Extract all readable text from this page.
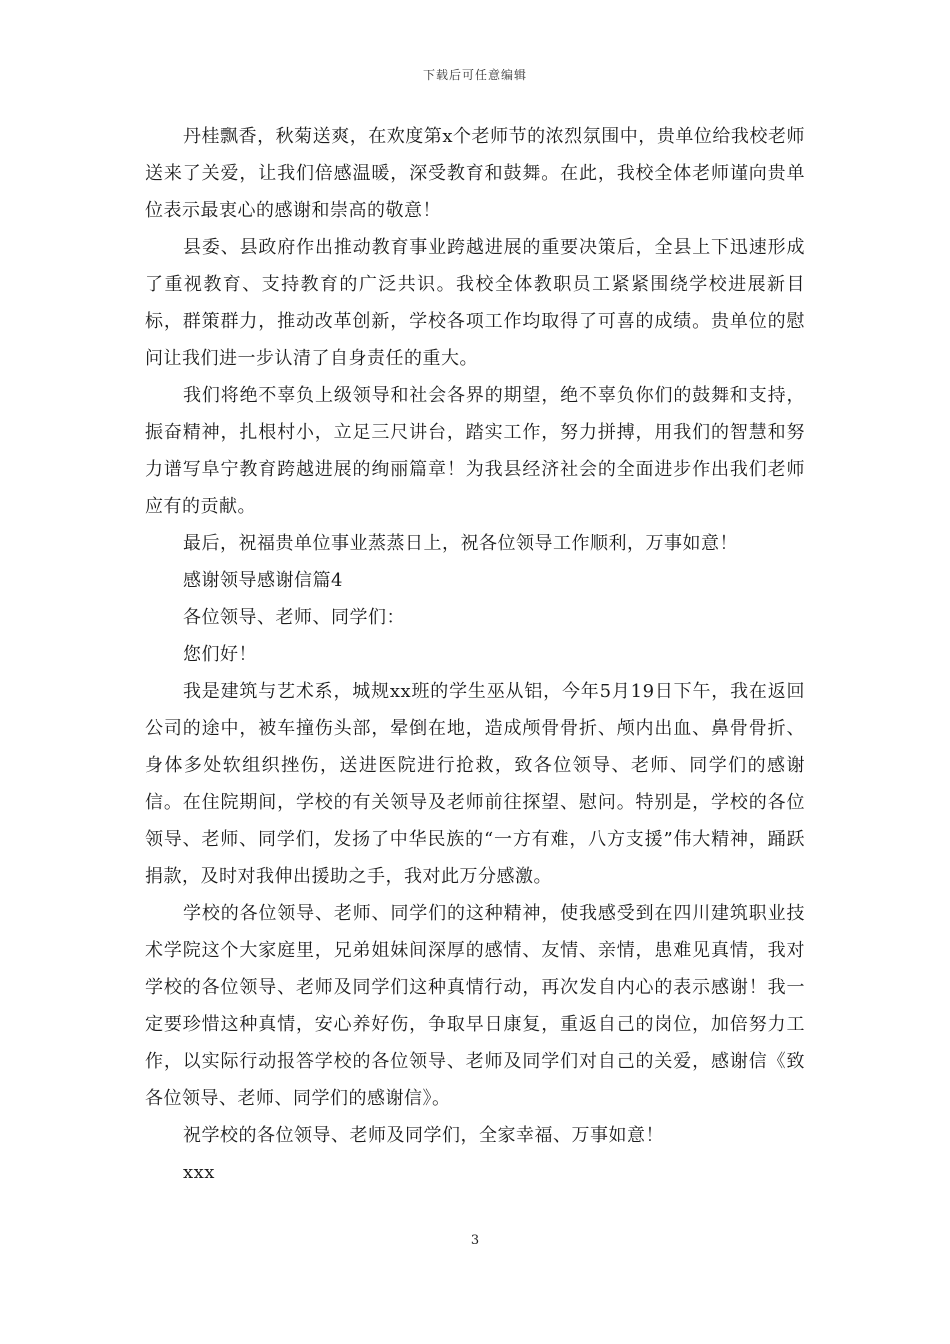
下载后可任意编辑

丹桂飘香，秋菊送爽，在欢度第x个老师节的浓烈氛围中，贵单位给我校老师送来了关爱，让我们倍感温暖，深受教育和鼓舞。在此，我校全体老师谨向贵单位表示最衷心的感谢和崇高的敬意！

县委、县政府作出推动教育事业跨越进展的重要决策后，全县上下迅速形成了重视教育、支持教育的广泛共识。我校全体教职员工紧紧围绕学校进展新目标，群策群力，推动改革创新，学校各项工作均取得了可喜的成绩。贵单位的慰问让我们进一步认清了自身责任的重大。

我们将绝不辜负上级领导和社会各界的期望，绝不辜负你们的鼓舞和支持，振奋精神，扎根村小，立足三尺讲台，踏实工作，努力拼搏，用我们的智慧和努力谱写阜宁教育跨越进展的绚丽篇章！为我县经济社会的全面进步作出我们老师应有的贡献。

最后，祝福贵单位事业蒸蒸日上，祝各位领导工作顺利，万事如意！

感谢领导感谢信篇4

各位领导、老师、同学们：

您们好！

我是建筑与艺术系，城规xx班的学生巫从铝，今年5月19日下午，我在返回公司的途中，被车撞伤头部，晕倒在地，造成颅骨骨折、颅内出血、鼻骨骨折、身体多处软组织挫伤，送进医院进行抢救，致各位领导、老师、同学们的感谢信。在住院期间，学校的有关领导及老师前往探望、慰问。特别是，学校的各位领导、老师、同学们，发扬了中华民族的“一方有难，八方支援”伟大精神，踊跃捐款，及时对我伸出援助之手，我对此万分感激。

学校的各位领导、老师、同学们的这种精神，使我感受到在四川建筑职业技术学院这个大家庭里，兄弟姐妹间深厚的感情、友情、亲情，患难见真情，我对学校的各位领导、老师及同学们这种真情行动，再次发自内心的表示感谢！我一定要珍惜这种真情，安心养好伤，争取早日康复，重返自己的岗位，加倍努力工作，以实际行动报答学校的各位领导、老师及同学们对自己的关爱，感谢信《致各位领导、老师、同学们的感谢信》。

祝学校的各位领导、老师及同学们，全家幸福、万事如意！

xxx

3
